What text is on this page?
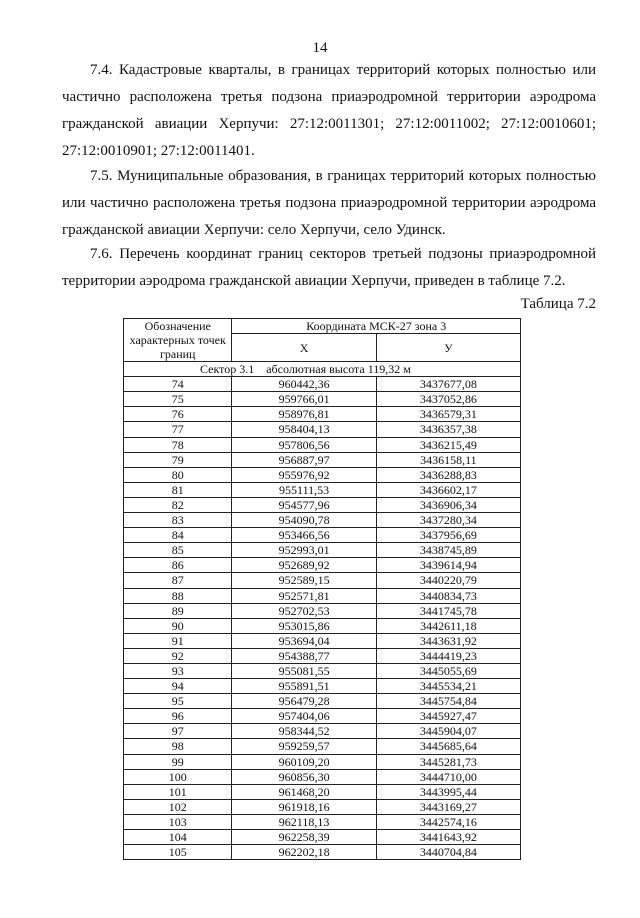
14
7.4. Кадастровые кварталы, в границах территорий которых полностью или частично расположена третья подзона приаэродромной территории аэродрома гражданской авиации Херпучи: 27:12:0011301; 27:12:0011002; 27:12:0010601; 27:12:0010901; 27:12:0011401.
7.5. Муниципальные образования, в границах территорий которых полностью или частично расположена третья подзона приаэродромной территории аэродрома гражданской авиации Херпучи: село Херпучи, село Удинск.
7.6. Перечень координат границ секторов третьей подзоны приаэродромной территории аэродрома гражданской авиации Херпучи, приведен в таблице 7.2.
Таблица 7.2
Обозначение характерных точек границ	Координата МСК-27 зона 3	
	Х	У
Сектор 3.1    абсолютная высота 119,32 м		
74	960442,36	3437677,08
75	959766,01	3437052,86
76	958976,81	3436579,31
77	958404,13	3436357,38
78	957806,56	3436215,49
79	956887,97	3436158,11
80	955976,92	3436288,83
81	955111,53	3436602,17
82	954577,96	3436906,34
83	954090,78	3437280,34
84	953466,56	3437956,69
85	952993,01	3438745,89
86	952689,92	3439614,94
87	952589,15	3440220,79
88	952571,81	3440834,73
89	952702,53	3441745,78
90	953015,86	3442611,18
91	953694,04	3443631,92
92	954388,77	3444419,23
93	955081,55	3445055,69
94	955891,51	3445534,21
95	956479,28	3445754,84
96	957404,06	3445927,47
97	958344,52	3445904,07
98	959259,57	3445685,64
99	960109,20	3445281,73
100	960856,30	3444710,00
101	961468,20	3443995,44
102	961918,16	3443169,27
103	962118,13	3442574,16
104	962258,39	3441643,92
105	962202,18	3440704,84
